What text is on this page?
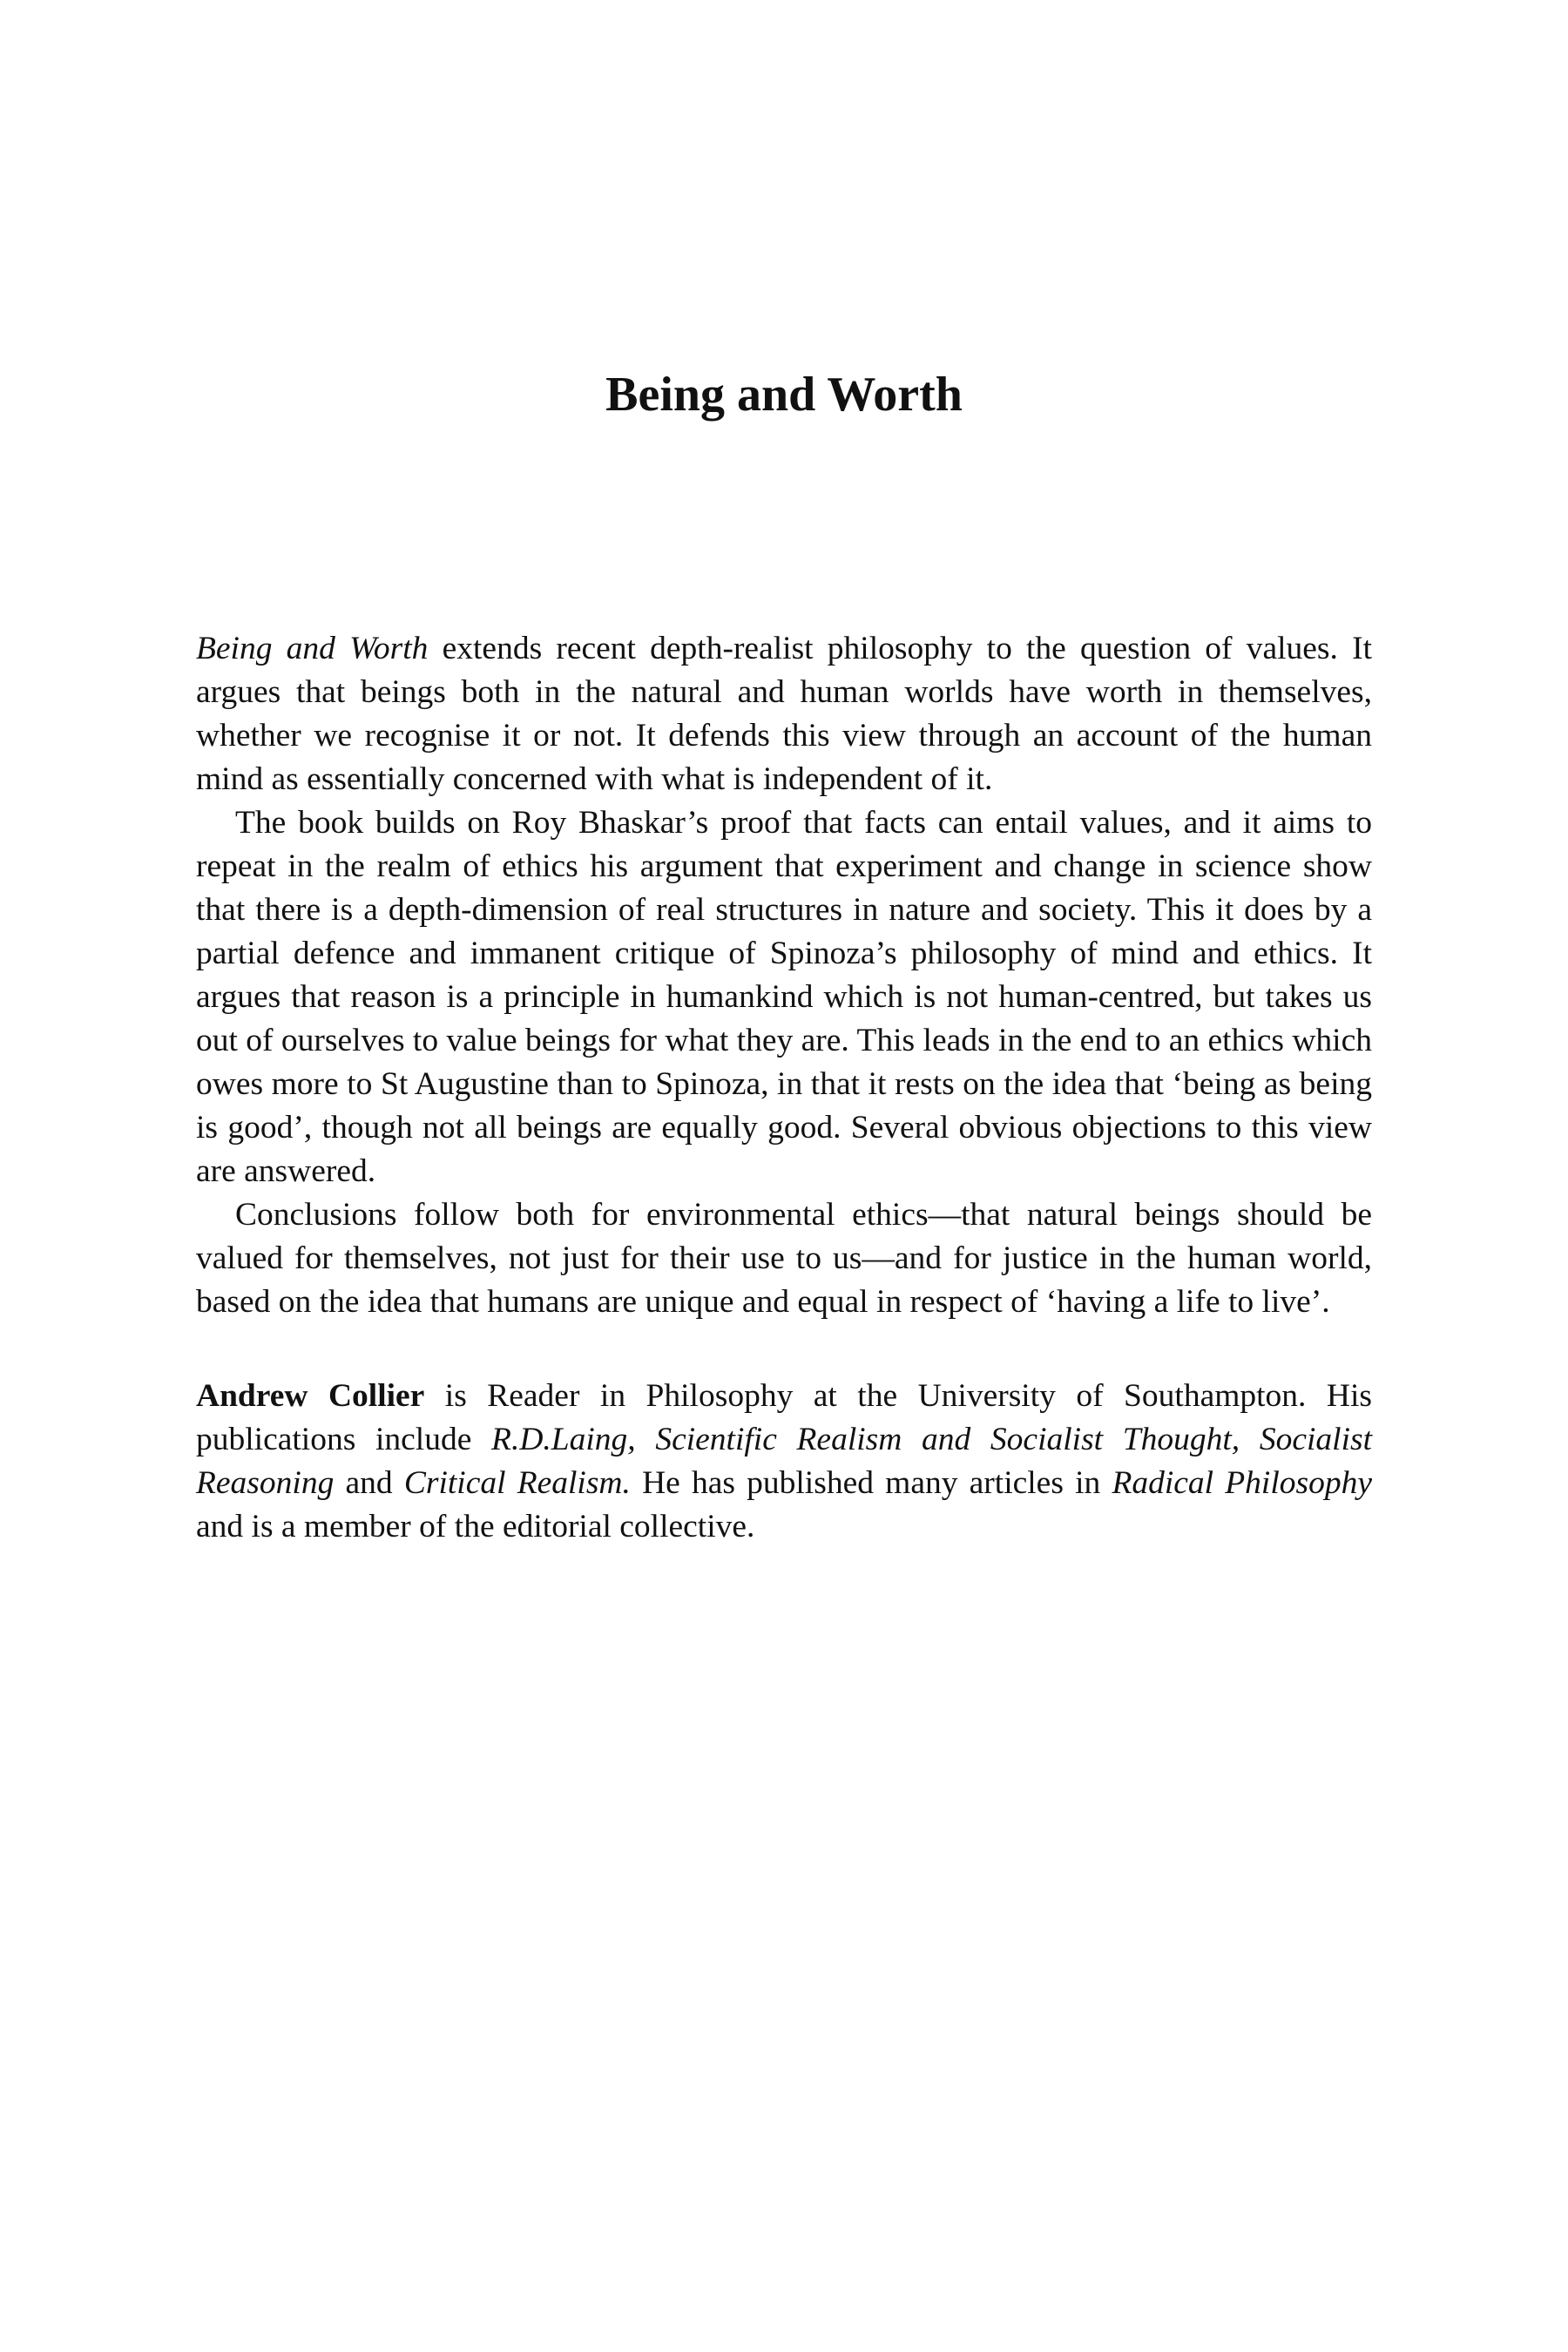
Being and Worth

Being and Worth extends recent depth-realist philosophy to the question of values. It argues that beings both in the natural and human worlds have worth in themselves, whether we recognise it or not. It defends this view through an account of the human mind as essentially concerned with what is independent of it.

The book builds on Roy Bhaskar’s proof that facts can entail values, and it aims to repeat in the realm of ethics his argument that experiment and change in science show that there is a depth-dimension of real structures in nature and society. This it does by a partial defence and immanent critique of Spinoza’s philosophy of mind and ethics. It argues that reason is a principle in humankind which is not human-centred, but takes us out of ourselves to value beings for what they are. This leads in the end to an ethics which owes more to St Augustine than to Spinoza, in that it rests on the idea that ‘being as being is good’, though not all beings are equally good. Several obvious objections to this view are answered.

Conclusions follow both for environmental ethics—that natural beings should be valued for themselves, not just for their use to us—and for justice in the human world, based on the idea that humans are unique and equal in respect of ‘having a life to live’.

Andrew Collier is Reader in Philosophy at the University of Southampton. His publications include R.D.Laing, Scientific Realism and Socialist Thought, Socialist Reasoning and Critical Realism. He has published many articles in Radical Philosophy and is a member of the editorial collective.
